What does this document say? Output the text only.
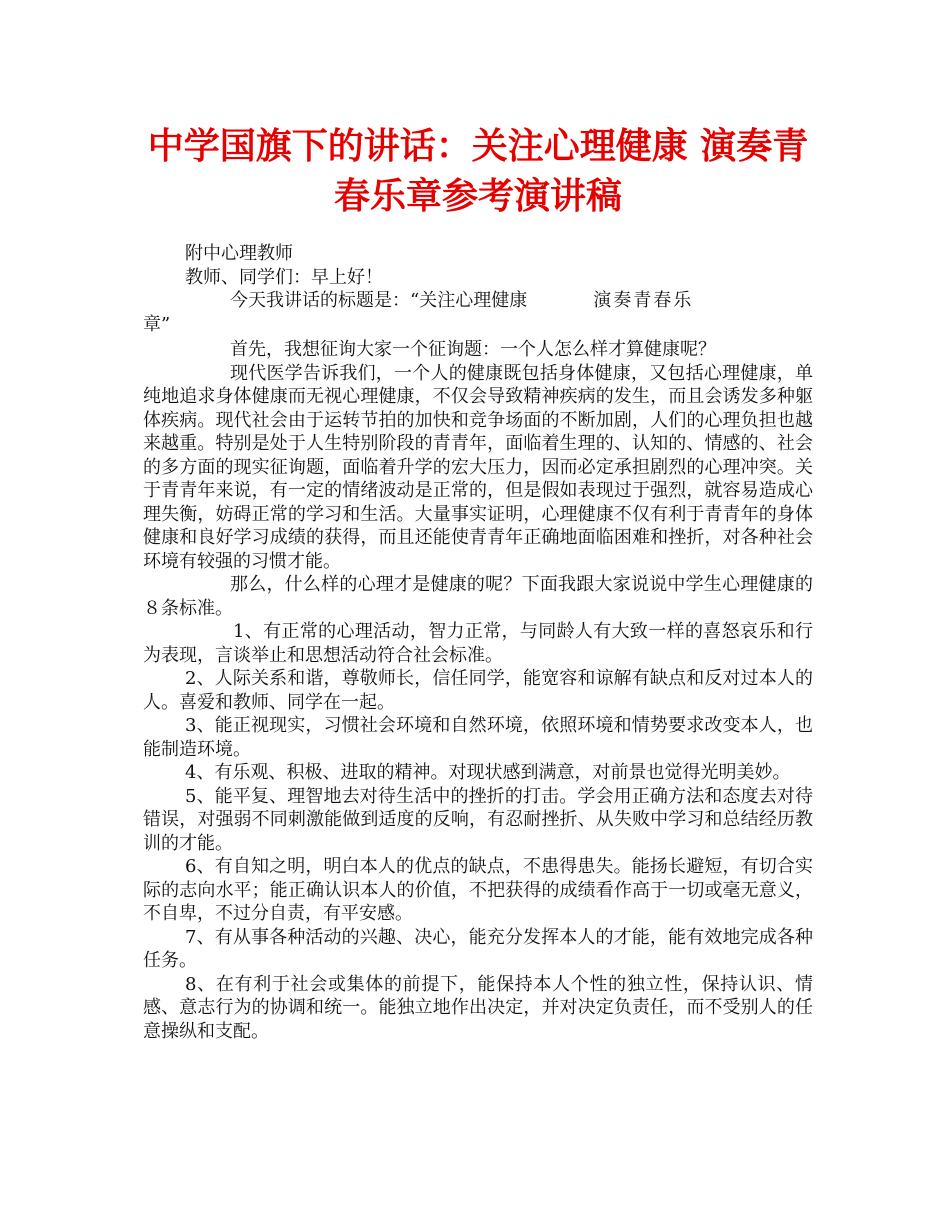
中学国旗下的讲话：关注心理健康 演奏青
春乐章参考演讲稿
附中心理教师
教师、同学们：早上好！
今天我讲话的标题是：“关注心理健康	演奏青春乐
章”
首先，我想征询大家一个征询题：一个人怎么样才算健康呢？

现代医学告诉我们，一个人的健康既包括身体健康，又包括心理健康，单纯地追求身体健康而无视心理健康，不仅会导致精神疾病的发生，而且会诱发多种躯体疾病。现代社会由于运转节拍的加快和竞争场面的不断加剧，人们的心理负担也越来越重。特别是处于人生特别阶段的青青年，面临着生理的、认知的、情感的、社会的多方面的现实征询题，面临着升学的宏大压力，因而必定承担剧烈的心理冲突。关于青青年来说，有一定的情绪波动是正常的，但是假如表现过于强烈，就容易造成心理失衡，妨碍正常的学习和生活。大量事实证明，心理健康不仅有利于青青年的身体健康和良好学习成绩的获得，而且还能使青青年正确地面临困难和挫折，对各种社会环境有较强的习惯才能。

那么，什么样的心理才是健康的呢？下面我跟大家说说中学生心理健康的８条标准。

1、有正常的心理活动，智力正常，与同龄人有大致一样的喜怒哀乐和行为表现，言谈举止和思想活动符合社会标准。

2、人际关系和谐，尊敬师长，信任同学，能宽容和谅解有缺点和反对过本人的人。喜爱和教师、同学在一起。

3、能正视现实，习惯社会环境和自然环境，依照环境和情势要求改变本人，也能制造环境。

4、有乐观、积极、进取的精神。对现状感到满意，对前景也觉得光明美妙。

5、能平复、理智地去对待生活中的挫折的打击。学会用正确方法和态度去对待错误，对强弱不同刺激能做到适度的反响，有忍耐挫折、从失败中学习和总结经历教训的才能。

6、有自知之明，明白本人的优点的缺点，不患得患失。能扬长避短，有切合实际的志向水平；能正确认识本人的价值，不把获得的成绩看作高于一切或毫无意义，不自卑，不过分自责，有平安感。

7、有从事各种活动的兴趣、决心，能充分发挥本人的才能，能有效地完成各种任务。

8、在有利于社会或集体的前提下，能保持本人个性的独立性，保持认识、情感、意志行为的协调和统一。能独立地作出决定，并对决定负责任，而不受别人的任意操纵和支配。
